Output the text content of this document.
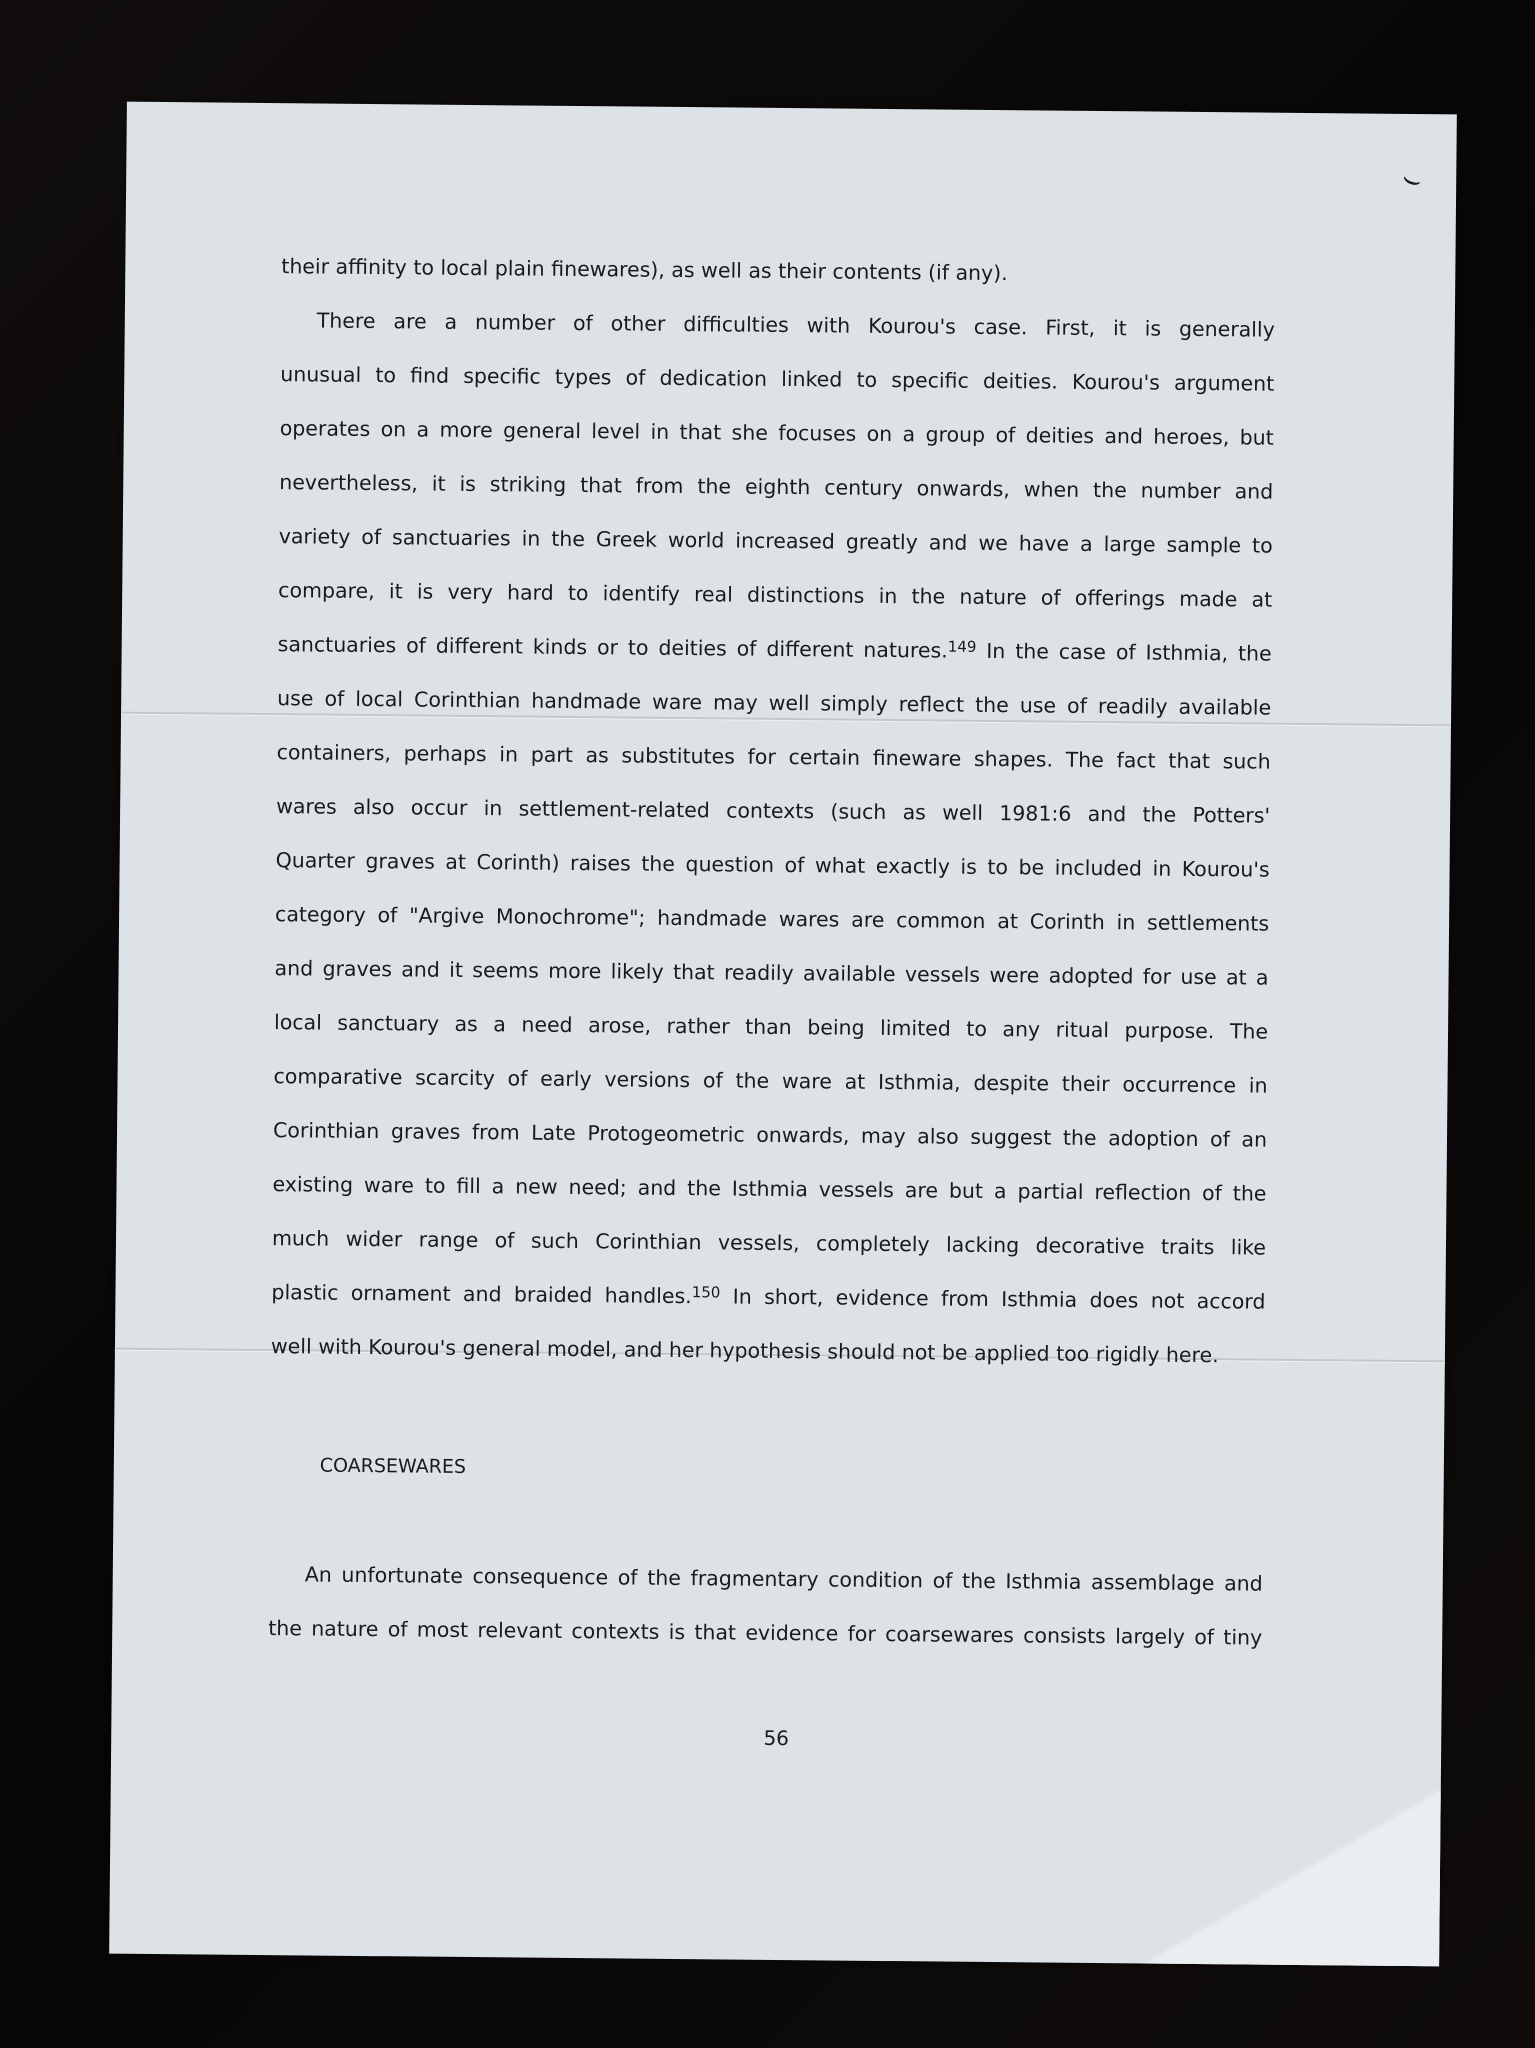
⌣
their affinity to local plain finewares), as well as their contents (if any).
There are a number of other difficulties with Kourou's case. First, it is generally
unusual to find specific types of dedication linked to specific deities. Kourou's argument
operates on a more general level in that she focuses on a group of deities and heroes, but
nevertheless, it is striking that from the eighth century onwards, when the number and
variety of sanctuaries in the Greek world increased greatly and we have a large sample to
compare, it is very hard to identify real distinctions in the nature of offerings made at
sanctuaries of different kinds or to deities of different natures.$^{149}$ In the case of Isthmia, the
use of local Corinthian handmade ware may well simply reflect the use of readily available
containers, perhaps in part as substitutes for certain fineware shapes. The fact that such
wares also occur in settlement-related contexts (such as well 1981:6 and the Potters'
Quarter graves at Corinth) raises the question of what exactly is to be included in Kourou's
category of "Argive Monochrome"; handmade wares are common at Corinth in settlements
and graves and it seems more likely that readily available vessels were adopted for use at a
local sanctuary as a need arose, rather than being limited to any ritual purpose. The
comparative scarcity of early versions of the ware at Isthmia, despite their occurrence in
Corinthian graves from Late Protogeometric onwards, may also suggest the adoption of an
existing ware to fill a new need; and the Isthmia vessels are but a partial reflection of the
much wider range of such Corinthian vessels, completely lacking decorative traits like
plastic ornament and braided handles.$^{150}$ In short, evidence from Isthmia does not accord
well with Kourou's general model, and her hypothesis should not be applied too rigidly here.
COARSEWARES
An unfortunate consequence of the fragmentary condition of the Isthmia assemblage and
the nature of most relevant contexts is that evidence for coarsewares consists largely of tiny
56
